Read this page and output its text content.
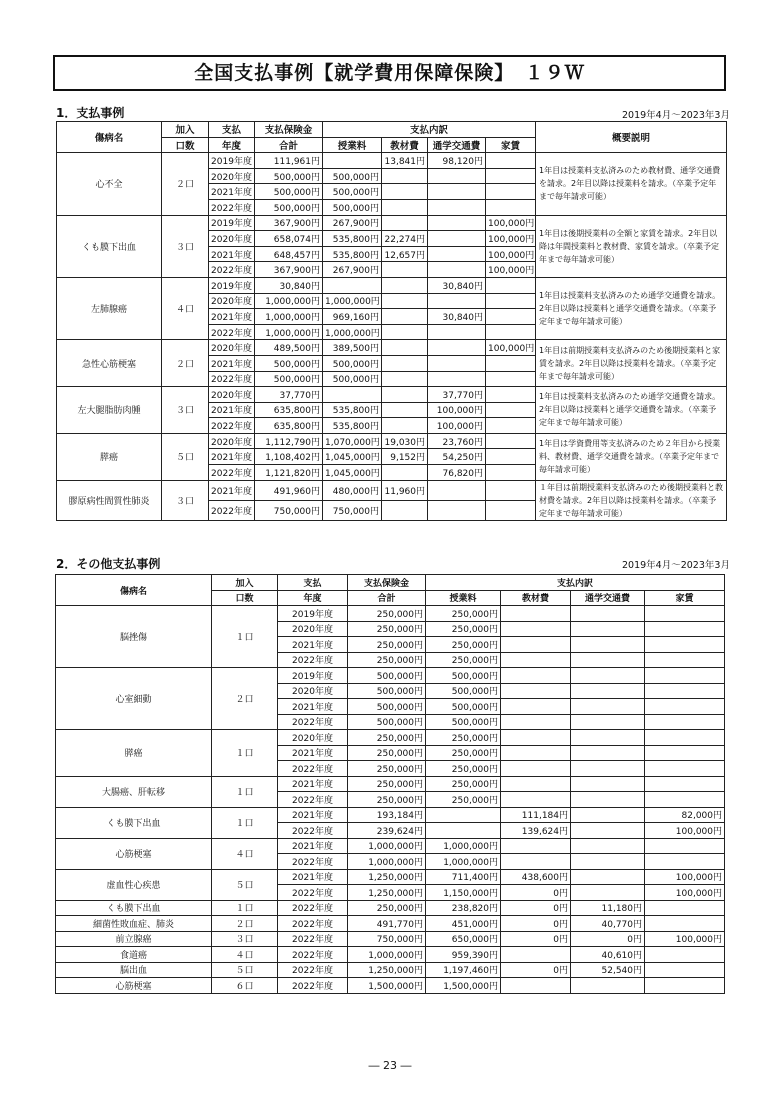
全国支払事例【就学費用保障保険】　１９Ｗ
1．支払事例	2019年4月～2023年3月
傷病名	加入	支払	支払保険金	支払内訳				概要説明
	口数	年度	合計	授業料	教材費	通学交通費	家賃	
心不全	２口	2019年度	111,961円		13,841円	98,120円		1年目は授業料支払済みのため教材費、通学交通費を請求。2年目以降は授業料を請求。（卒業予定年まで毎年請求可能）
		2020年度	500,000円	500,000円				
		2021年度	500,000円	500,000円				
		2022年度	500,000円	500,000円				
くも膜下出血	３口	2019年度	367,900円	267,900円			100,000円	1年目は後期授業料の全額と家賃を請求。2年目以降は年間授業料と教材費、家賃を請求。（卒業予定年まで毎年請求可能）
		2020年度	658,074円	535,800円	22,274円		100,000円	
		2021年度	648,457円	535,800円	12,657円		100,000円	
		2022年度	367,900円	267,900円			100,000円	
左肺腺癌	４口	2019年度	30,840円			30,840円		1年目は授業料支払済みのため通学交通費を請求。2年目以降は授業料と通学交通費を請求。（卒業予定年まで毎年請求可能）
		2020年度	1,000,000円	1,000,000円				
		2021年度	1,000,000円	969,160円		30,840円		
		2022年度	1,000,000円	1,000,000円				
急性心筋梗塞	２口	2020年度	489,500円	389,500円			100,000円	1年目は前期授業料支払済みのため後期授業料と家賃を請求。2年目以降は授業料を請求。（卒業予定年まで毎年請求可能）
		2021年度	500,000円	500,000円				
		2022年度	500,000円	500,000円				
左大腿脂肪肉腫	３口	2020年度	37,770円			37,770円		1年目は授業料支払済みのため通学交通費を請求。2年目以降は授業料と通学交通費を請求。（卒業予定年まで毎年請求可能）
		2021年度	635,800円	535,800円		100,000円		
		2022年度	635,800円	535,800円		100,000円		
膵癌	５口	2020年度	1,112,790円	1,070,000円	19,030円	23,760円		1年目は学資費用等支払済みのため２年目から授業料、教材費、通学交通費を請求。（卒業予定年まで毎年請求可能）
		2021年度	1,108,402円	1,045,000円	9,152円	54,250円		
		2022年度	1,121,820円	1,045,000円		76,820円		
膠原病性間質性肺炎	３口	2021年度	491,960円	480,000円	11,960円			１年目は前期授業料支払済みのため後期授業料と教材費を請求。2年目以降は授業料を請求。（卒業予定年まで毎年請求可能）
		2022年度	750,000円	750,000円				
2．その他支払事例	2019年4月～2023年3月
傷病名	加入	支払	支払保険金	支払内訳			
	口数	年度	合計	授業料	教材費	通学交通費	家賃
脳挫傷	１口	2019年度	250,000円	250,000円			
		2020年度	250,000円	250,000円			
		2021年度	250,000円	250,000円			
		2022年度	250,000円	250,000円			
心室細動	２口	2019年度	500,000円	500,000円			
		2020年度	500,000円	500,000円			
		2021年度	500,000円	500,000円			
		2022年度	500,000円	500,000円			
膵癌	１口	2020年度	250,000円	250,000円			
		2021年度	250,000円	250,000円			
		2022年度	250,000円	250,000円			
大腸癌、肝転移	１口	2021年度	250,000円	250,000円			
		2022年度	250,000円	250,000円			
くも膜下出血	１口	2021年度	193,184円		111,184円		82,000円
		2022年度	239,624円		139,624円		100,000円
心筋梗塞	４口	2021年度	1,000,000円	1,000,000円			
		2022年度	1,000,000円	1,000,000円			
虚血性心疾患	５口	2021年度	1,250,000円	711,400円	438,600円		100,000円
		2022年度	1,250,000円	1,150,000円	0円		100,000円
くも膜下出血	１口	2022年度	250,000円	238,820円	0円	11,180円	
細菌性敗血症、肺炎	２口	2022年度	491,770円	451,000円	0円	40,770円	
前立腺癌	３口	2022年度	750,000円	650,000円	0円	0円	100,000円
食道癌	４口	2022年度	1,000,000円	959,390円		40,610円	
脳出血	５口	2022年度	1,250,000円	1,197,460円	0円	52,540円	
心筋梗塞	６口	2022年度	1,500,000円	1,500,000円			
― 23 ―
